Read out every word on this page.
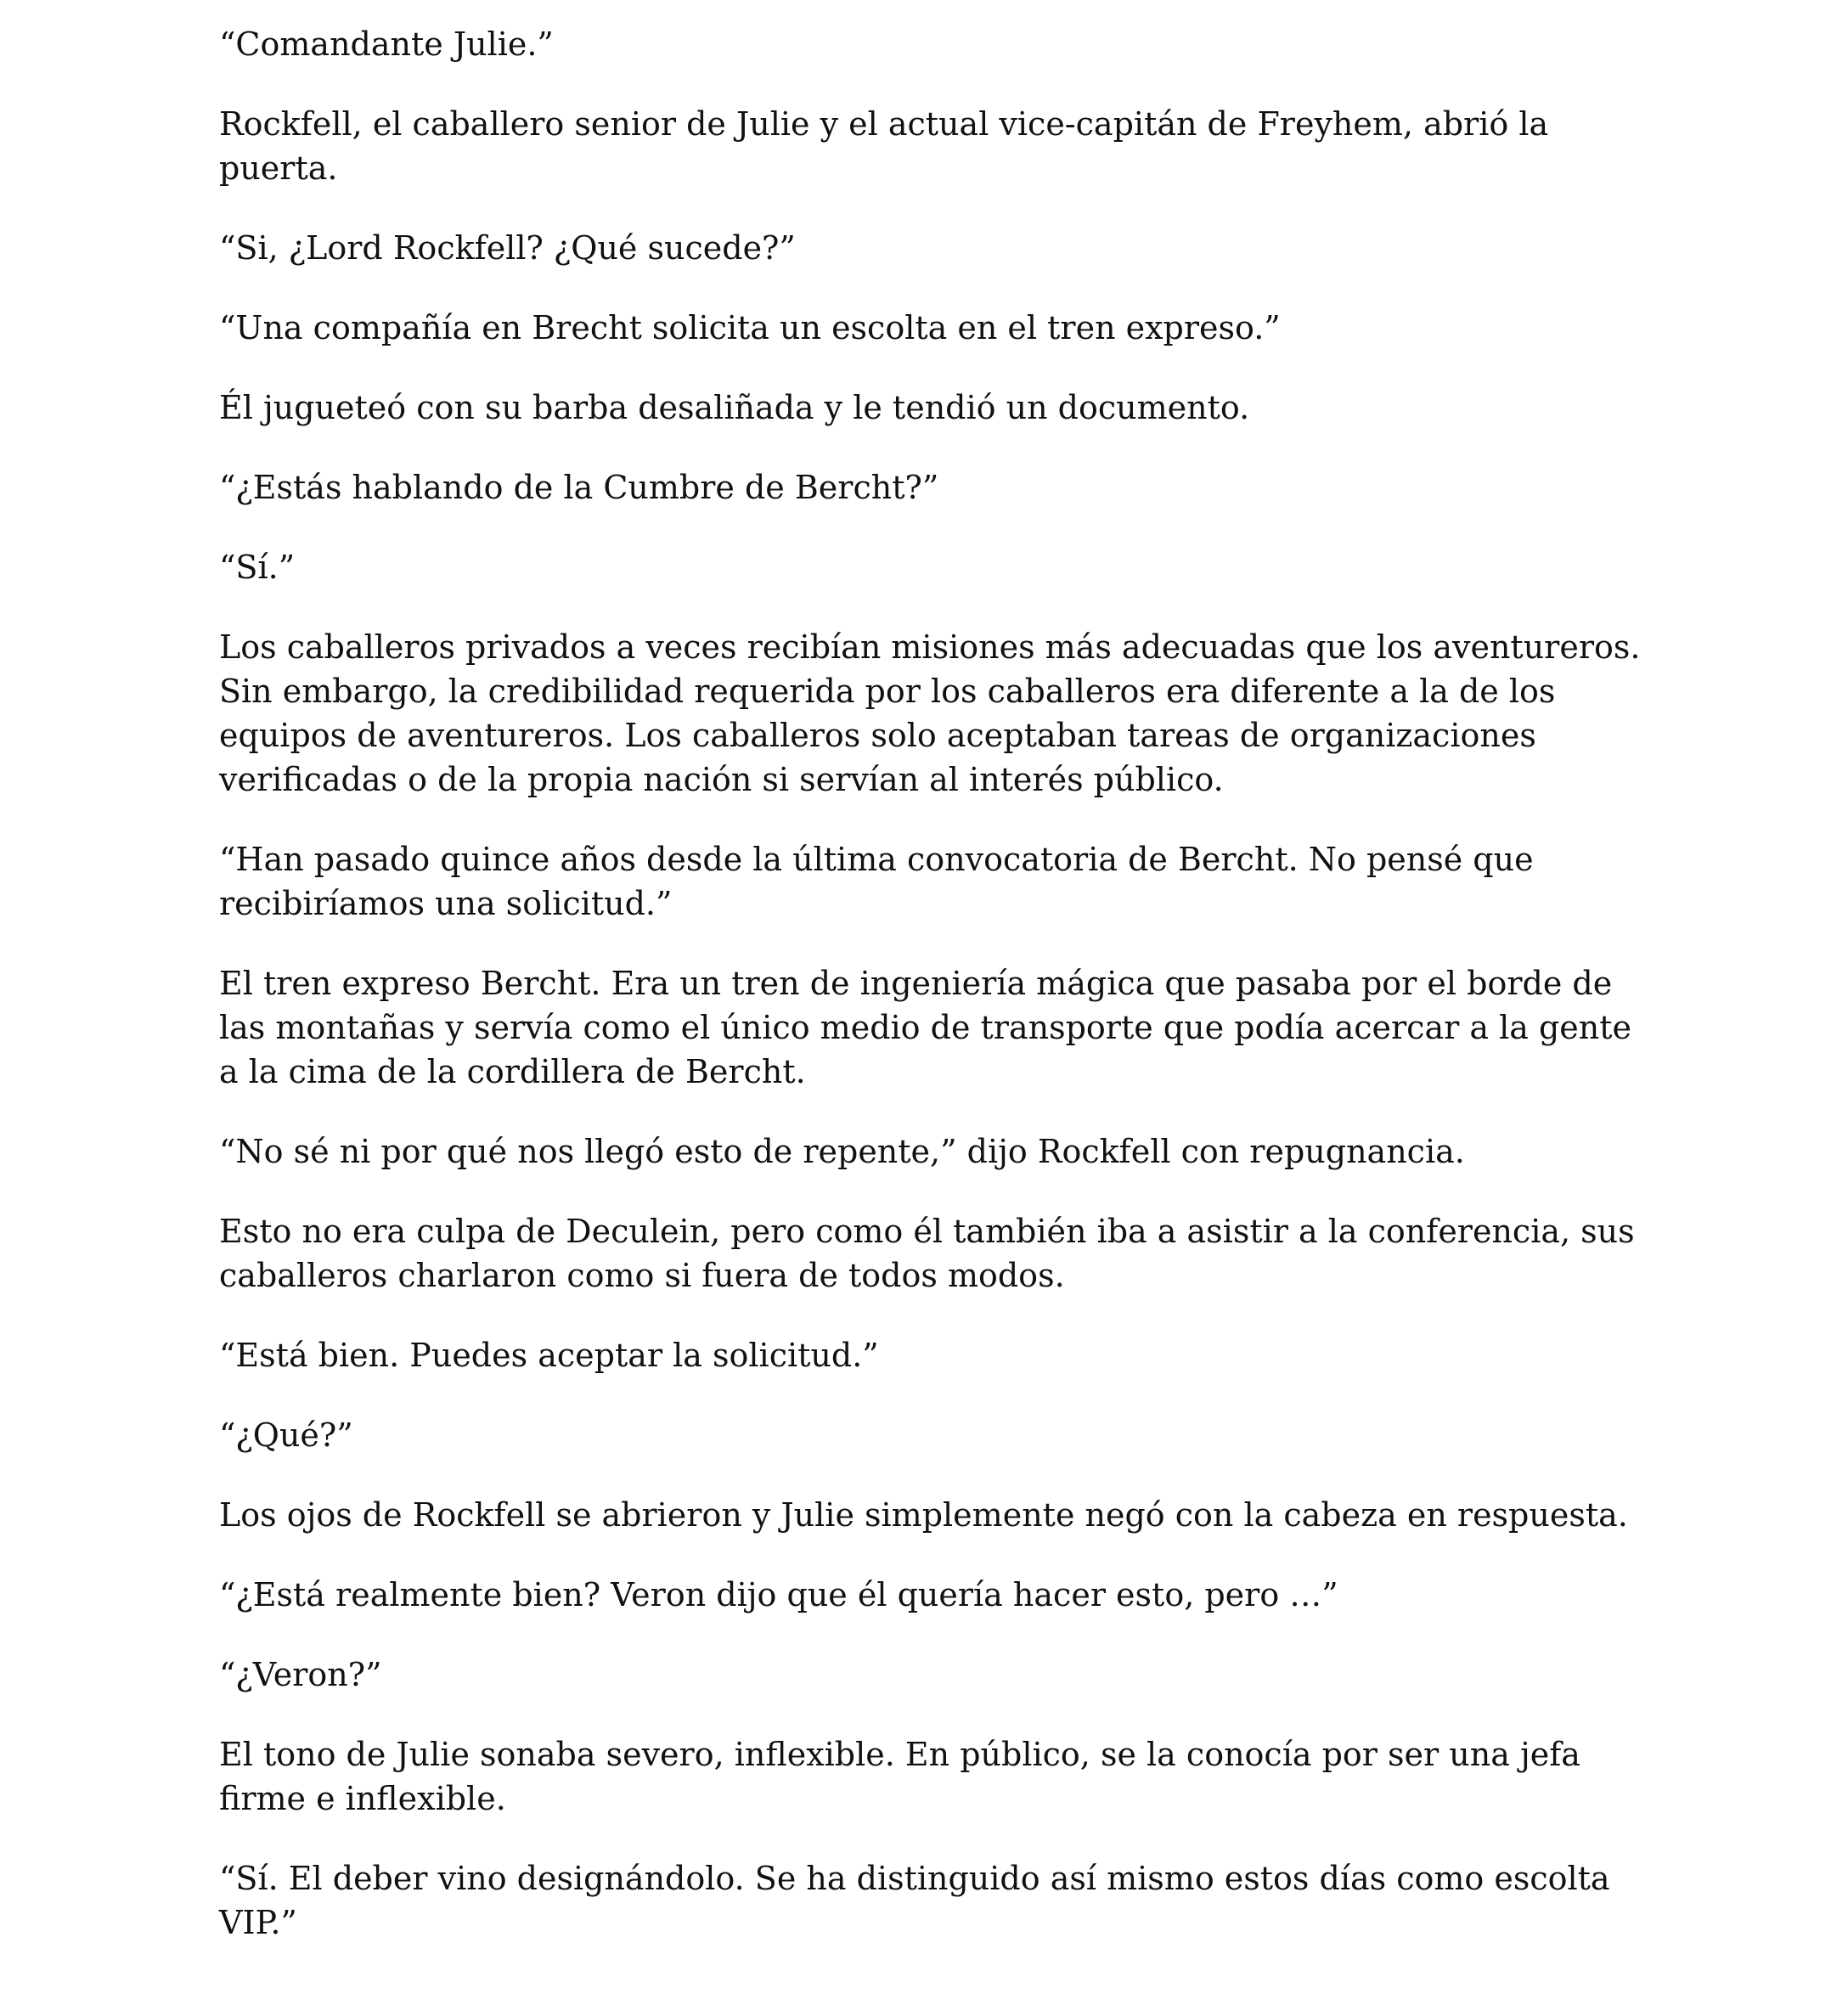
“Comandante Julie.”

Rockfell, el caballero senior de Julie y el actual vice-capitán de Freyhem, abrió la puerta.

“Si, ¿Lord Rockfell? ¿Qué sucede?”

“Una compañía en Brecht solicita un escolta en el tren expreso.”

Él jugueteó con su barba desaliñada y le tendió un documento.

“¿Estás hablando de la Cumbre de Bercht?”

“Sí.”

Los caballeros privados a veces recibían misiones más adecuadas que los aventureros. Sin embargo, la credibilidad requerida por los caballeros era diferente a la de los equipos de aventureros. Los caballeros solo aceptaban tareas de organizaciones verificadas o de la propia nación si servían al interés público.

“Han pasado quince años desde la última convocatoria de Bercht. No pensé que recibiríamos una solicitud.”

El tren expreso Bercht. Era un tren de ingeniería mágica que pasaba por el borde de las montañas y servía como el único medio de transporte que podía acercar a la gente a la cima de la cordillera de Bercht.

“No sé ni por qué nos llegó esto de repente,” dijo Rockfell con repugnancia.

Esto no era culpa de Deculein, pero como él también iba a asistir a la conferencia, sus caballeros charlaron como si fuera de todos modos.

“Está bien. Puedes aceptar la solicitud.”

“¿Qué?”

Los ojos de Rockfell se abrieron y Julie simplemente negó con la cabeza en respuesta.

“¿Está realmente bien? Veron dijo que él quería hacer esto, pero …”

“¿Veron?”

El tono de Julie sonaba severo, inflexible. En público, se la conocía por ser una jefa firme e inflexible.

“Sí. El deber vino designándolo. Se ha distinguido así mismo estos días como escolta VIP.”
